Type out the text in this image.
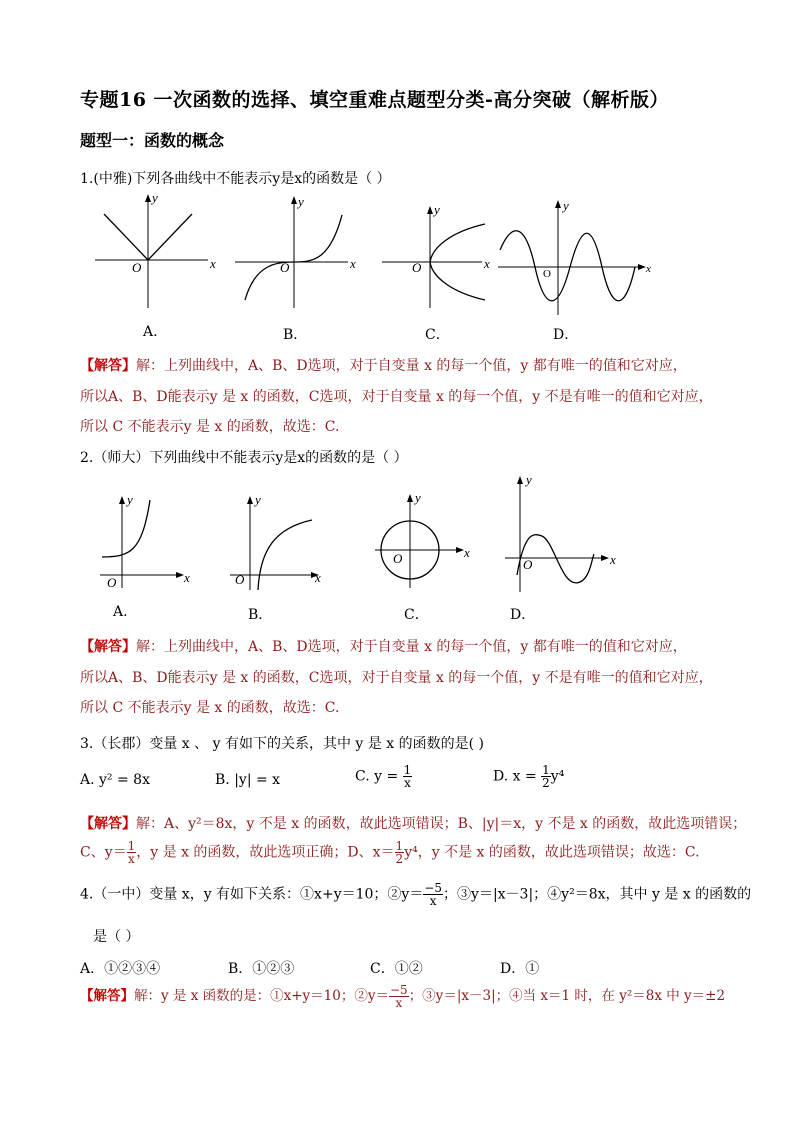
专题16 一次函数的选择、填空重难点题型分类-高分突破（解析版）
题型一：函数的概念
1.(中雅)下列各曲线中不能表示y是x的函数是（ ）
x
y
O	x
y
O	x
y
O	x
y
O
A.	B．	C．	D．
【解答】解：上列曲线中，A、B、D选项，对于自变量 x 的每一个值，y 都有唯一的值和它对应，
所以A、B、D能表示y 是 x 的函数，C选项，对于自变量 x 的每一个值，y 不是有唯一的值和它对应，
所以 C 不能表示y 是 x 的函数，故选：C.
2.（师大）下列曲线中不能表示y是x的函数的是（ ）
x
y
O	x
y
O
x
y
O	x
y
O
A.	B．	C．	D．
【解答】解：上列曲线中，A、B、D选项，对于自变量 x 的每一个值，y 都有唯一的值和它对应，
所以A、B、D能表示y 是 x 的函数，C选项，对于自变量 x 的每一个值，y 不是有唯一的值和它对应，
所以 C 不能表示y 是 x 的函数，故选：C.
3.（长郡）变量 x 、 y 有如下的关系，其中 y 是 x 的函数的是( )
A. y² = 8x	B. |y| = x	C. $y = \frac{1}{x}$	D. $x = \frac{1}{2} y^4$
【解答】解：A、y²＝8x，y 不是 x 的函数，故此选项错误；B、|y|＝x，y 不是 x 的函数，故此选项错误；
C、$y= \frac{1}{x}$ ，y 是 x 的函数，故此选项正确；D、$x= \frac{1}{2} y^4$，y 不是 x 的函数，故此选项错误；故选：C.
4.（一中）变量 x，y 有如下关系：①x+y＝10；②y＝ $\frac{-5}{x}$ ；③y＝|x－3|；④y²＝8x，其中 y 是 x 的函数的
是（ ）
A．①②③④	B．①②③	C．①②	D．①
【解答】解：y 是 x 函数的是：①x+y＝10；②y＝ $\frac{-5}{x}$ ；③y＝|x－3|；④当 x＝1 时，在 y²＝8x 中 y＝±2
